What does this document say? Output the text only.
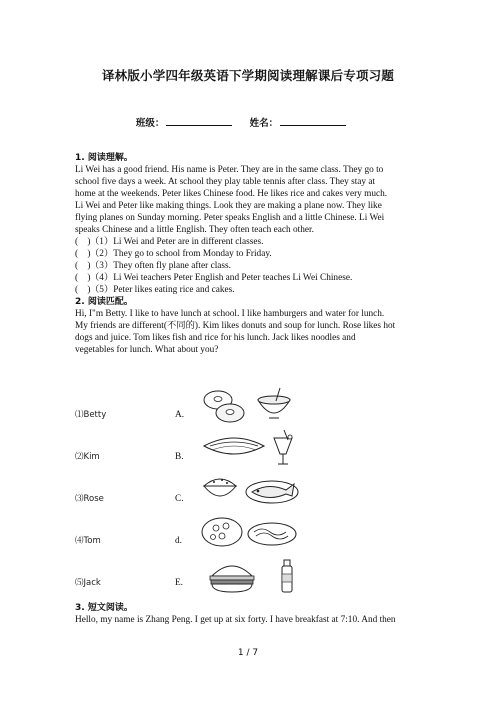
译林版小学四年级英语下学期阅读理解课后专项习题
班级：	姓名：
1. 阅读理解。

Li Wei has a good friend. His name is Peter. They are in the same class. They go to

school five days a week. At school they play table tennis after class. They stay at

home at the weekends. Peter likes Chinese food. He likes rice and cakes very much.

Li Wei and Peter like making things. Look they are making a plane now. They like

flying planes on Sunday morning. Peter speaks English and a little Chinese. Li Wei

speaks Chinese and a little English. They often teach each other.

(　)（1）Li Wei and Peter are in different classes.

(　)（2）They go to school from Monday to Friday.

(　)（3）They often fly plane after class.

(　)（4）Li Wei teachers Peter English and Peter teaches Li Wei Chinese.

(　)（5）Peter likes eating rice and cakes.

2. 阅读匹配。

Hi, I"m Betty. I like to have lunch at school. I like hamburgers and water for lunch.

My friends are different(不同的). Kim likes donuts and soup for lunch. Rose likes hot

dogs and juice. Tom likes fish and rice for his lunch. Jack likes noodles and

vegetables for lunch. What about you?

⑴Betty	A.
⑵Kim	B.
⑶Rose	C.
⑷Tom	d.
⑸Jack	E.
3. 短文阅读。

Hello, my name is Zhang Peng. I get up at six forty. I have breakfast at 7:10. And then

1 / 7
